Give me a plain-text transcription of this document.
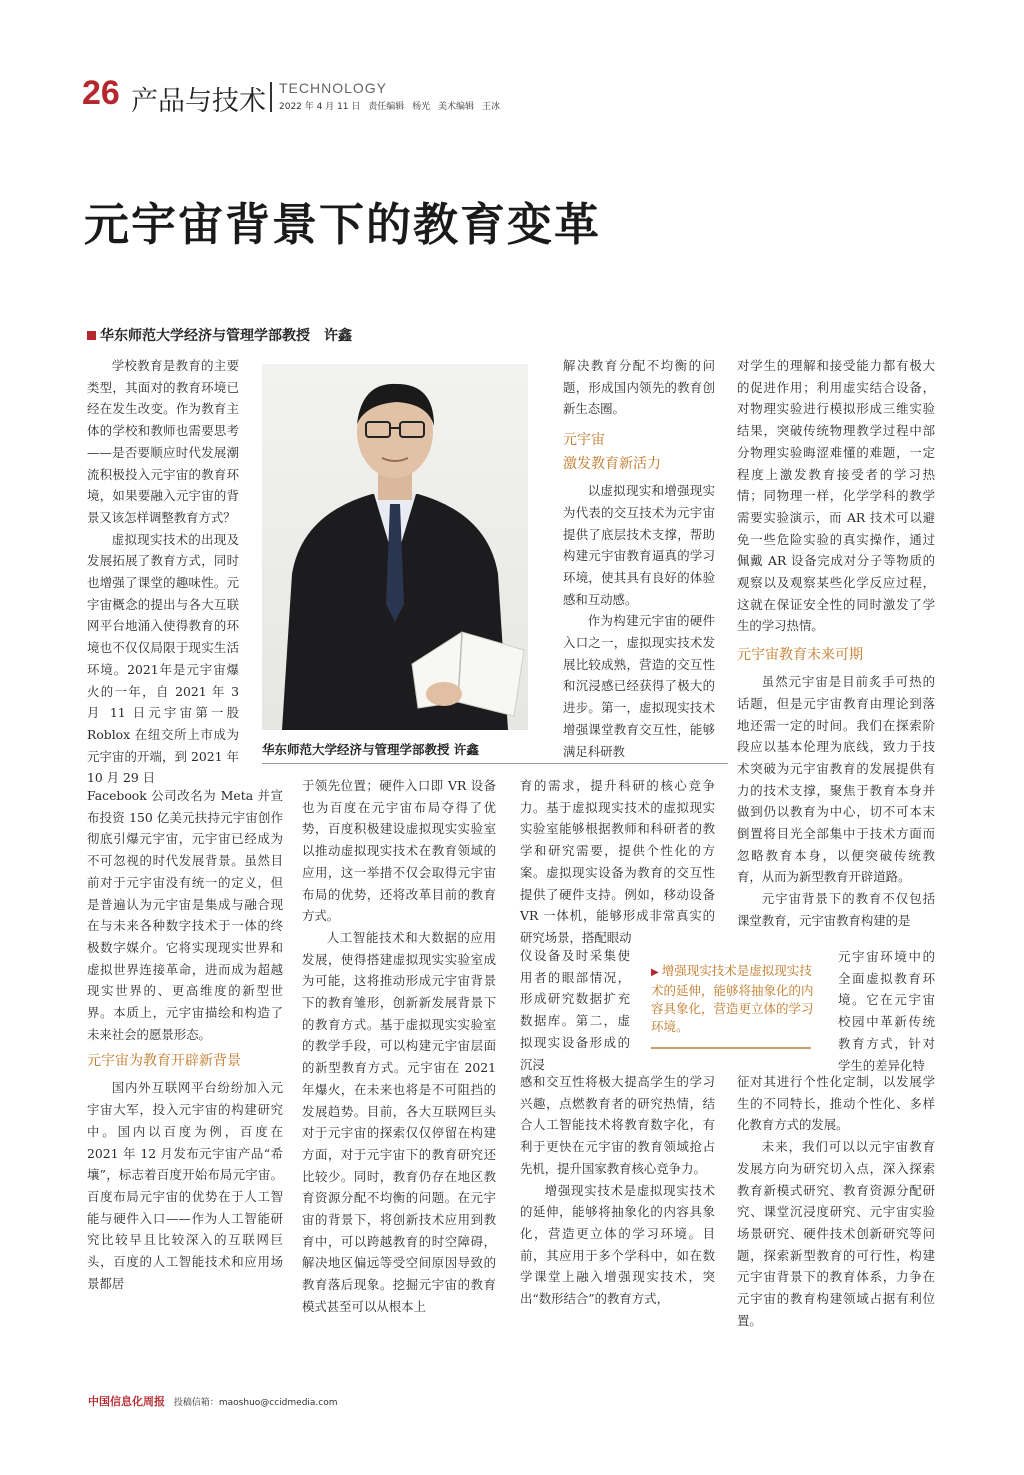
26 产品与技术 TECHNOLOGY
2022 年 4 月 11 日 责任编辑 杨光 美术编辑 王冰
元宇宙背景下的教育变革
华东师范大学经济与管理学部教授　许鑫
华东师范大学经济与管理学部教授 许鑫

学校教育是教育的主要类型，其面对的教育环境已经在发生改变。作为教育主体的学校和教师也需要思考——是否要顺应时代发展潮流积极投入元宇宙的教育环境，如果要融入元宇宙的背景又该怎样调整教育方式？

虚拟现实技术的出现及发展拓展了教育方式，同时也增强了课堂的趣味性。元宇宙概念的提出与各大互联网平台地涌入使得教育的环境也不仅仅局限于现实生活环境。2021年是元宇宙爆火的一年，自 2021 年 3 月 11 日元宇宙第一股 Roblox 在纽交所上市成为元宇宙的开端，到 2021 年 10 月 29 日

Facebook 公司改名为 Meta 并宣布投资 150 亿美元扶持元宇宙创作彻底引爆元宇宙，元宇宙已经成为不可忽视的时代发展背景。虽然目前对于元宇宙没有统一的定义，但是普遍认为元宇宙是集成与融合现在与未来各种数字技术于一体的终极数字媒介。它将实现现实世界和虚拟世界连接革命，进而成为超越现实世界的、更高维度的新型世界。本质上，元宇宙描绘和构造了未来社会的愿景形态。

元宇宙为教育开辟新背景

国内外互联网平台纷纷加入元宇宙大军，投入元宇宙的构建研究中。国内以百度为例，百度在 2021 年 12 月发布元宇宙产品“希壤”，标志着百度开始布局元宇宙。百度布局元宇宙的优势在于人工智能与硬件入口——作为人工智能研究比较早且比较深入的互联网巨头，百度的人工智能技术和应用场景都居

于领先位置；硬件入口即 VR 设备也为百度在元宇宙布局夺得了优势，百度积极建设虚拟现实实验室以推动虚拟现实技术在教育领域的应用，这一举措不仅会取得元宇宙布局的优势，还将改革目前的教育方式。

人工智能技术和大数据的应用发展，使得搭建虚拟现实实验室成为可能，这将推动形成元宇宙背景下的教育雏形，创新新发展背景下的教育方式。基于虚拟现实实验室的教学手段，可以构建元宇宙层面的新型教育方式。元宇宙在 2021 年爆火，在未来也将是不可阻挡的发展趋势。目前，各大互联网巨头对于元宇宙的探索仅仅停留在构建方面，对于元宇宙下的教育研究还比较少。同时，教育仍存在地区教育资源分配不均衡的问题。在元宇宙的背景下，将创新技术应用到教育中，可以跨越教育的时空障碍，解决地区偏远等受空间原因导致的教育落后现象。挖掘元宇宙的教育模式甚至可以从根本上

解决教育分配不均衡的问题，形成国内领先的教育创新生态圈。

元宇宙
激发教育新活力

以虚拟现实和增强现实为代表的交互技术为元宇宙提供了底层技术支撑，帮助构建元宇宙教育逼真的学习环境，使其具有良好的体验感和互动感。

作为构建元宇宙的硬件入口之一，虚拟现实技术发展比较成熟，营造的交互性和沉浸感已经获得了极大的进步。第一，虚拟现实技术增强课堂教育交互性，能够满足科研教

育的需求，提升科研的核心竞争力。基于虚拟现实技术的虚拟现实实验室能够根据教师和科研者的教学和研究需要，提供个性化的方案。虚拟现实设备为教育的交互性提供了硬件支持。例如，移动设备 VR 一体机，能够形成非常真实的研究场景，搭配眼动

仪设备及时采集使用者的眼部情况，形成研究数据扩充数据库。第二，虚拟现实设备形成的沉浸

感和交互性将极大提高学生的学习兴趣，点燃教育者的研究热情，结合人工智能技术将教育数字化，有利于更快在元宇宙的教育领域抢占先机，提升国家教育核心竞争力。

增强现实技术是虚拟现实技术的延伸，能够将抽象化的内容具象化，营造更立体的学习环境。目前，其应用于多个学科中，如在数学课堂上融入增强现实技术，突出“数形结合”的教育方式，

▶ 增强现实技术是虚拟现实技术的延伸，能够将抽象化的内容具象化，营造更立体的学习环境。

对学生的理解和接受能力都有极大的促进作用；利用虚实结合设备，对物理实验进行模拟形成三维实验结果，突破传统物理教学过程中部分物理实验晦涩难懂的难题，一定程度上激发教育接受者的学习热情；同物理一样，化学学科的教学需要实验演示，而 AR 技术可以避免一些危险实验的真实操作，通过佩戴 AR 设备完成对分子等物质的观察以及观察某些化学反应过程，这就在保证安全性的同时激发了学生的学习热情。

元宇宙教育未来可期

虽然元宇宙是目前炙手可热的话题，但是元宇宙教育由理论到落地还需一定的时间。我们在探索阶段应以基本伦理为底线，致力于技术突破为元宇宙教育的发展提供有力的技术支撑，聚焦于教育本身并做到仍以教育为中心，切不可本末倒置将目光全部集中于技术方面而忽略教育本身，以便突破传统教育，从而为新型教育开辟道路。

元宇宙背景下的教育不仅包括课堂教育，元宇宙教育构建的是

元宇宙环境中的全面虚拟教育环境。它在元宇宙校园中革新传统教育方式，针对学生的差异化特

征对其进行个性化定制，以发展学生的不同特长，推动个性化、多样化教育方式的发展。

未来，我们可以以元宇宙教育发展方向为研究切入点，深入探索教育新模式研究、教育资源分配研究、课堂沉浸度研究、元宇宙实验场景研究、硬件技术创新研究等问题，探索新型教育的可行性，构建元宇宙背景下的教育体系，力争在元宇宙的教育构建领域占据有利位置。

中国信息化周报 投稿信箱：maoshuo@ccidmedia.com
